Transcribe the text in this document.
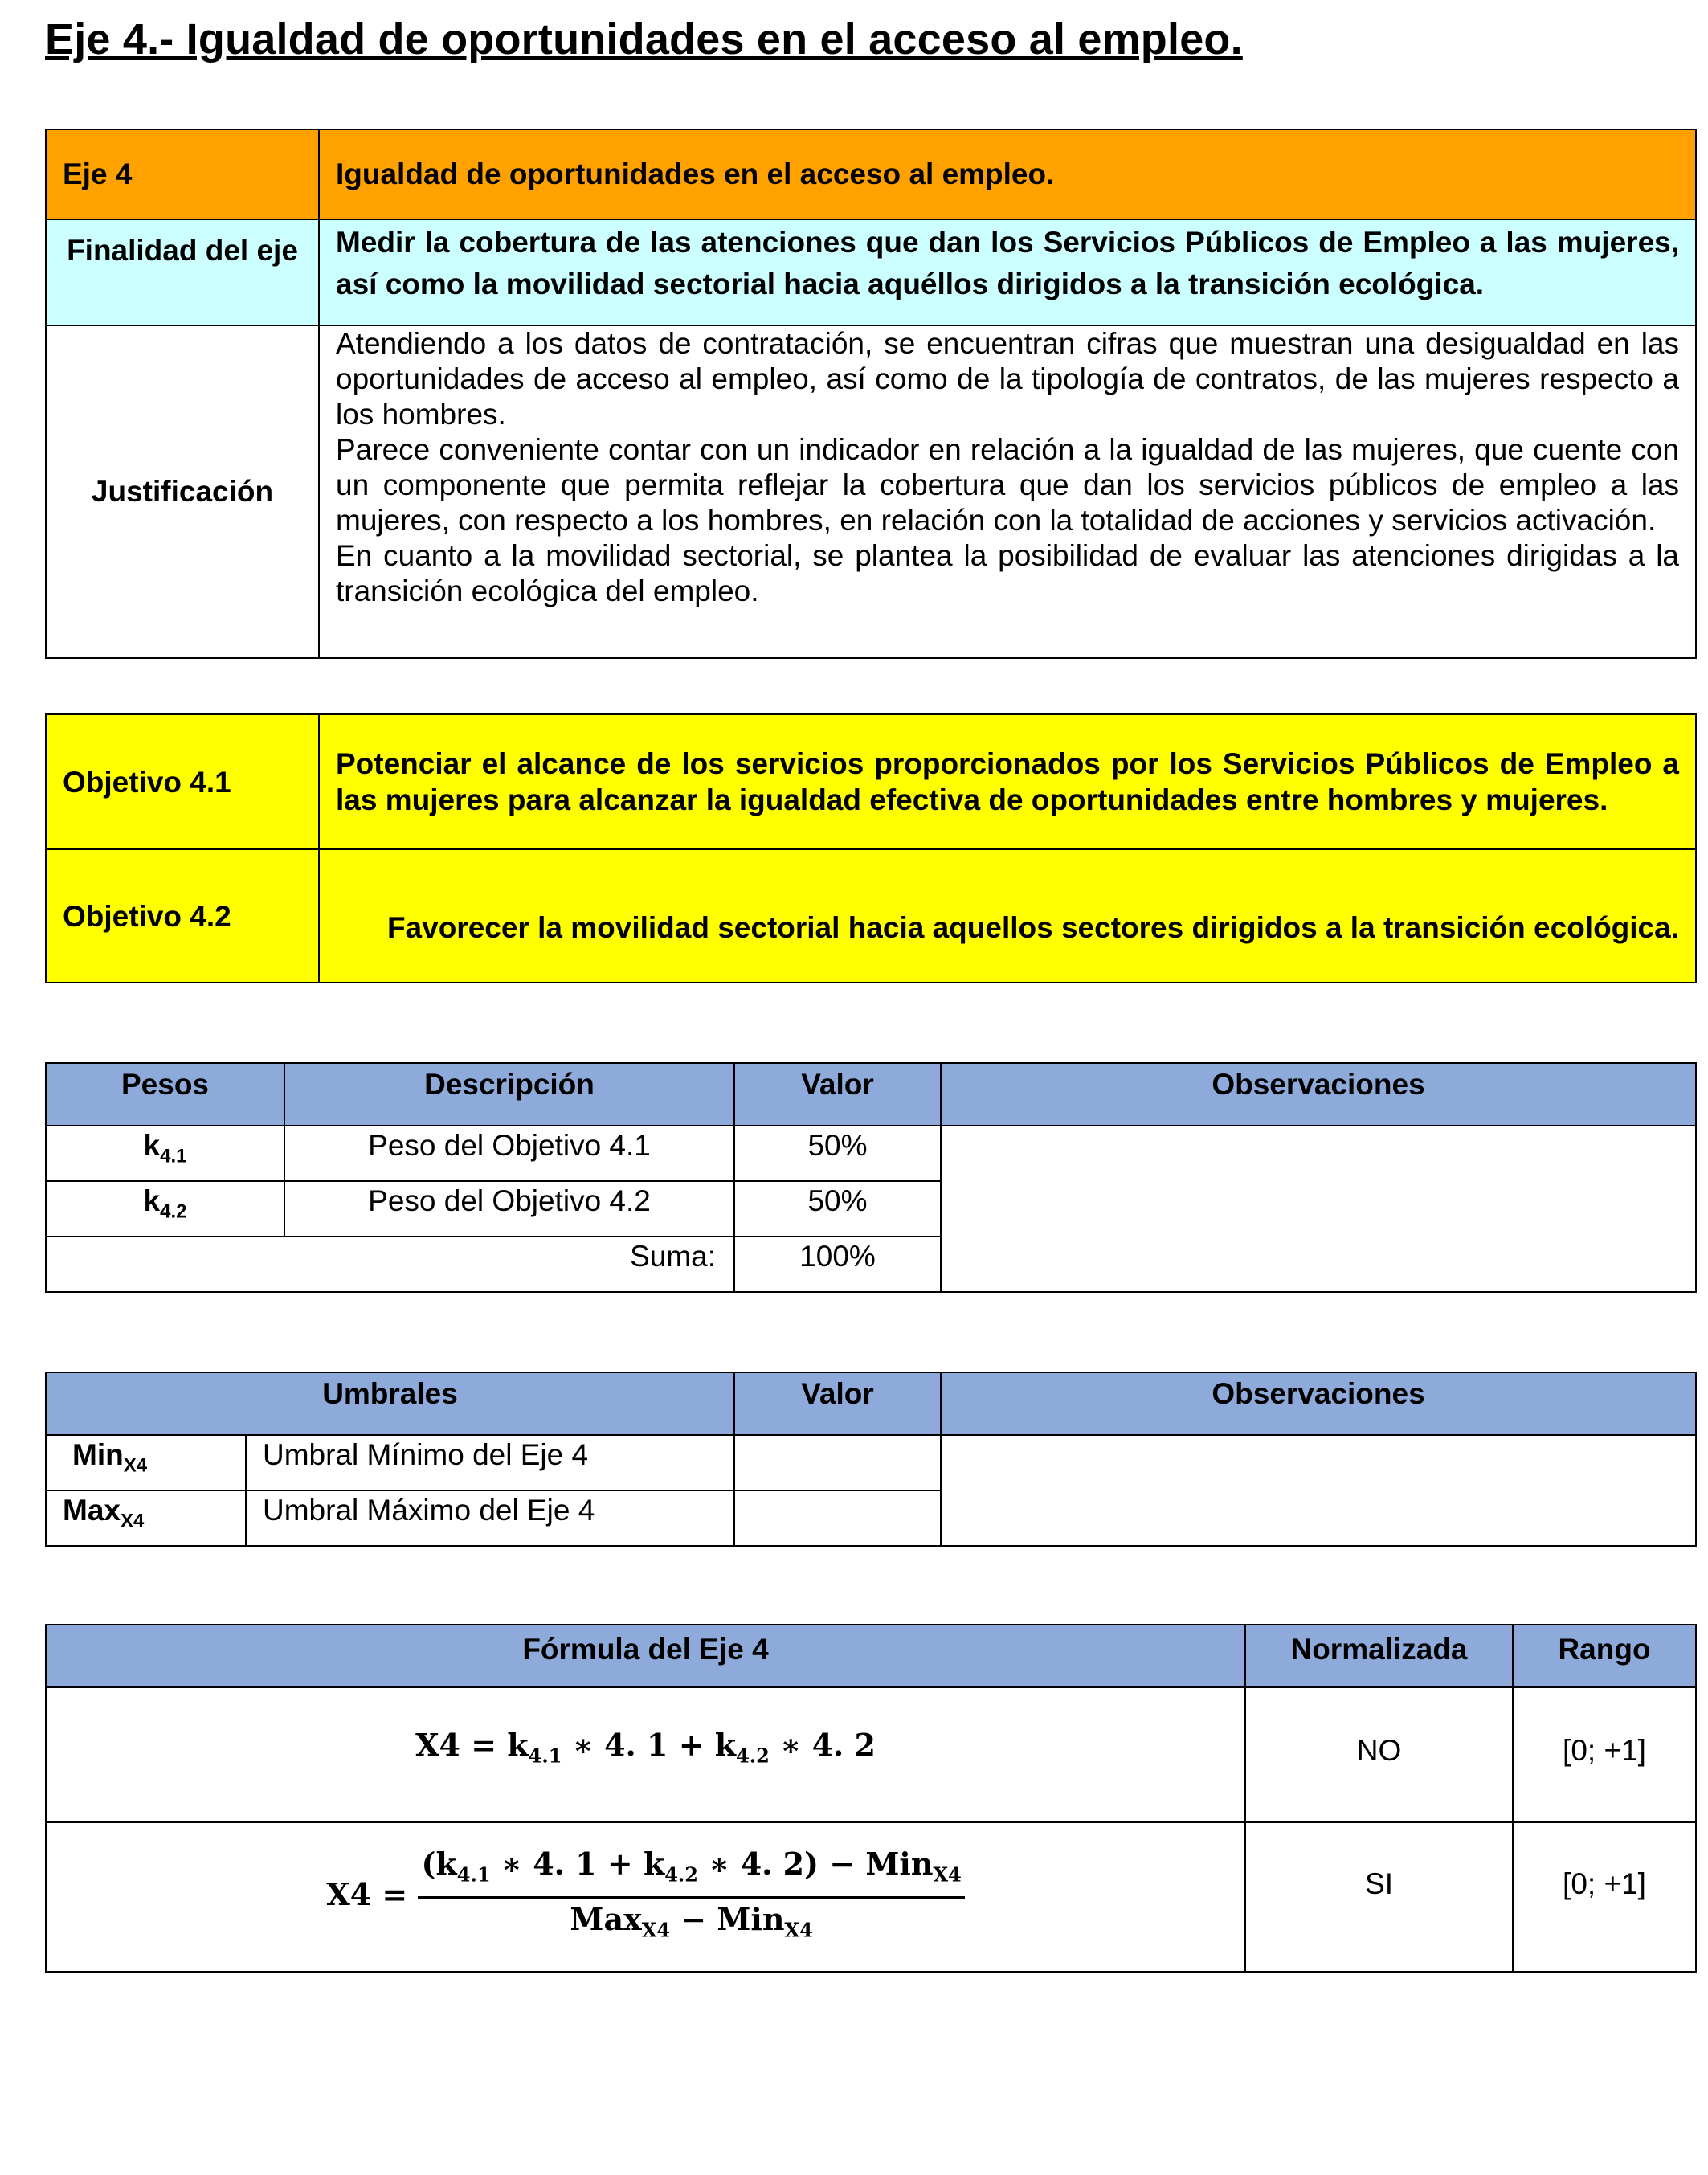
Eje 4.- Igualdad de oportunidades en el acceso al empleo.
Eje 4	Igualdad de oportunidades en el acceso al empleo.
Finalidad del eje	Medir la cobertura de las atenciones que dan los Servicios Públicos de Empleo a las mujeres, así como la movilidad sectorial hacia aquéllos dirigidos a la transición ecológica.
Justificación	Atendiendo a los datos de contratación, se encuentran cifras que muestran una desigualdad en las oportunidades de acceso al empleo, así como de la tipología de contratos, de las mujeres respecto a los hombres.
Parece conveniente contar con un indicador en relación a la igualdad de las mujeres, que cuente con un componente que permita reflejar la cobertura que dan los servicios públicos de empleo a las mujeres, con respecto a los hombres, en relación con la totalidad de acciones y servicios activación.
En cuanto a la movilidad sectorial, se plantea la posibilidad de evaluar las atenciones dirigidas a la transición ecológica del empleo.
Objetivo 4.1	Potenciar el alcance de los servicios proporcionados por los Servicios Públicos de Empleo a las mujeres para alcanzar la igualdad efectiva de oportunidades entre hombres y mujeres.
Objetivo 4.2	Favorecer la movilidad sectorial hacia aquellos sectores dirigidos a la transición ecológica.
Pesos	Descripción	Valor	Observaciones
$k_{4.1}$	Peso del Objetivo 4.1	50%	
$k_{4.2}$	Peso del Objetivo 4.2	50%	
Suma:		100%	
Umbrales		Valor	Observaciones
Min$_{X4}$	Umbral Mínimo del Eje 4		
Max$_{X4}$	Umbral Máximo del Eje 4		
Fórmula del Eje 4	Normalizada	Rango
$X4 = k_{4.1}$ ∗ 4. $1 + k_{4.2}$ ∗ 4. 2	NO	[0; +1]
$X4 = \frac{(k_{4.1} ∗ 4. 1 + k_{4.2} ∗ 4. 2) - Min_{X4}}{Max_{X4} - Min_{X4}}$	SI	[0; +1]
